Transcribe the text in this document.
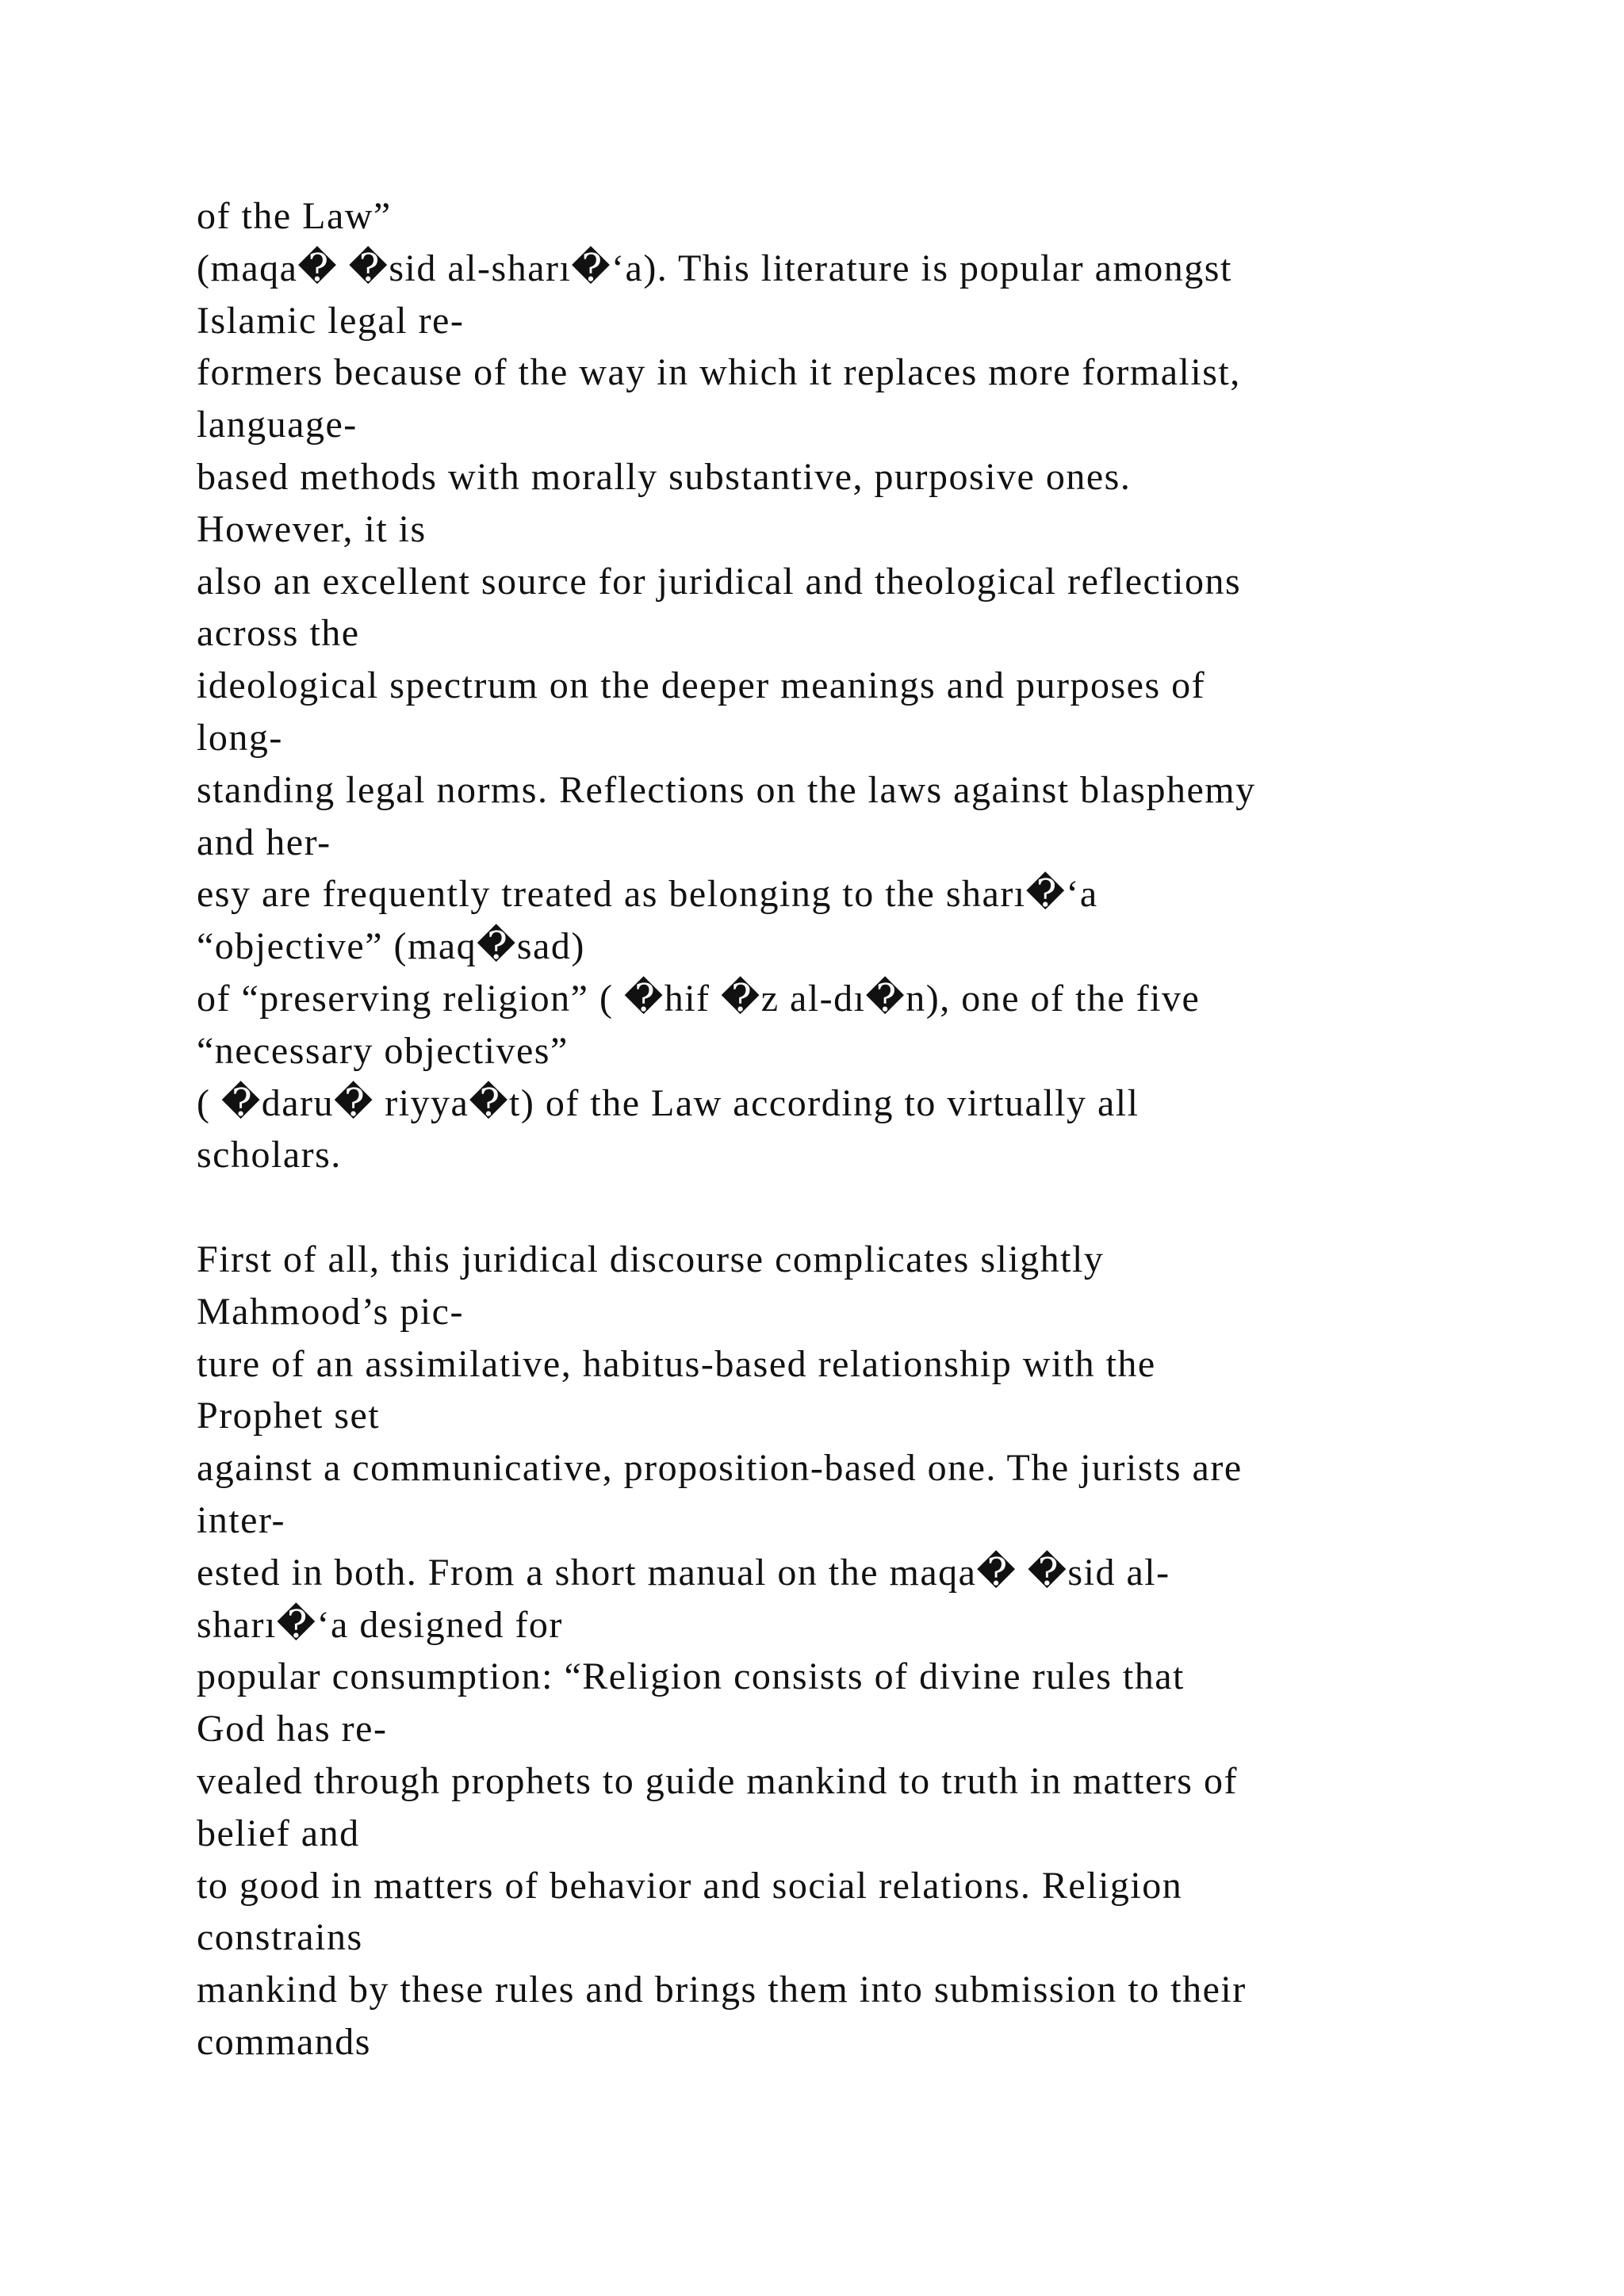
of the Law”
(maqa� �sid al-sharı�‘a). This literature is popular amongst
Islamic legal re-
formers because of the way in which it replaces more formalist,
language-
based methods with morally substantive, purposive ones.
However, it is
also an excellent source for juridical and theological reflections
across the
ideological spectrum on the deeper meanings and purposes of
long-
standing legal norms. Reflections on the laws against blasphemy
and her-
esy are frequently treated as belonging to the sharı�‘a
“objective” (maq�sad)
of “preserving religion” ( �hif �z al-dı�n), one of the five
“necessary objectives”
( �daru� riyya�t) of the Law according to virtually all
scholars.
First of all, this juridical discourse complicates slightly
Mahmood’s pic-
ture of an assimilative, habitus-based relationship with the
Prophet set
against a communicative, proposition-based one. The jurists are
inter-
ested in both. From a short manual on the maqa� �sid al-
sharı�‘a designed for
popular consumption: “Religion consists of divine rules that
God has re-
vealed through prophets to guide mankind to truth in matters of
belief and
to good in matters of behavior and social relations. Religion
constrains
mankind by these rules and brings them into submission to their
commands
